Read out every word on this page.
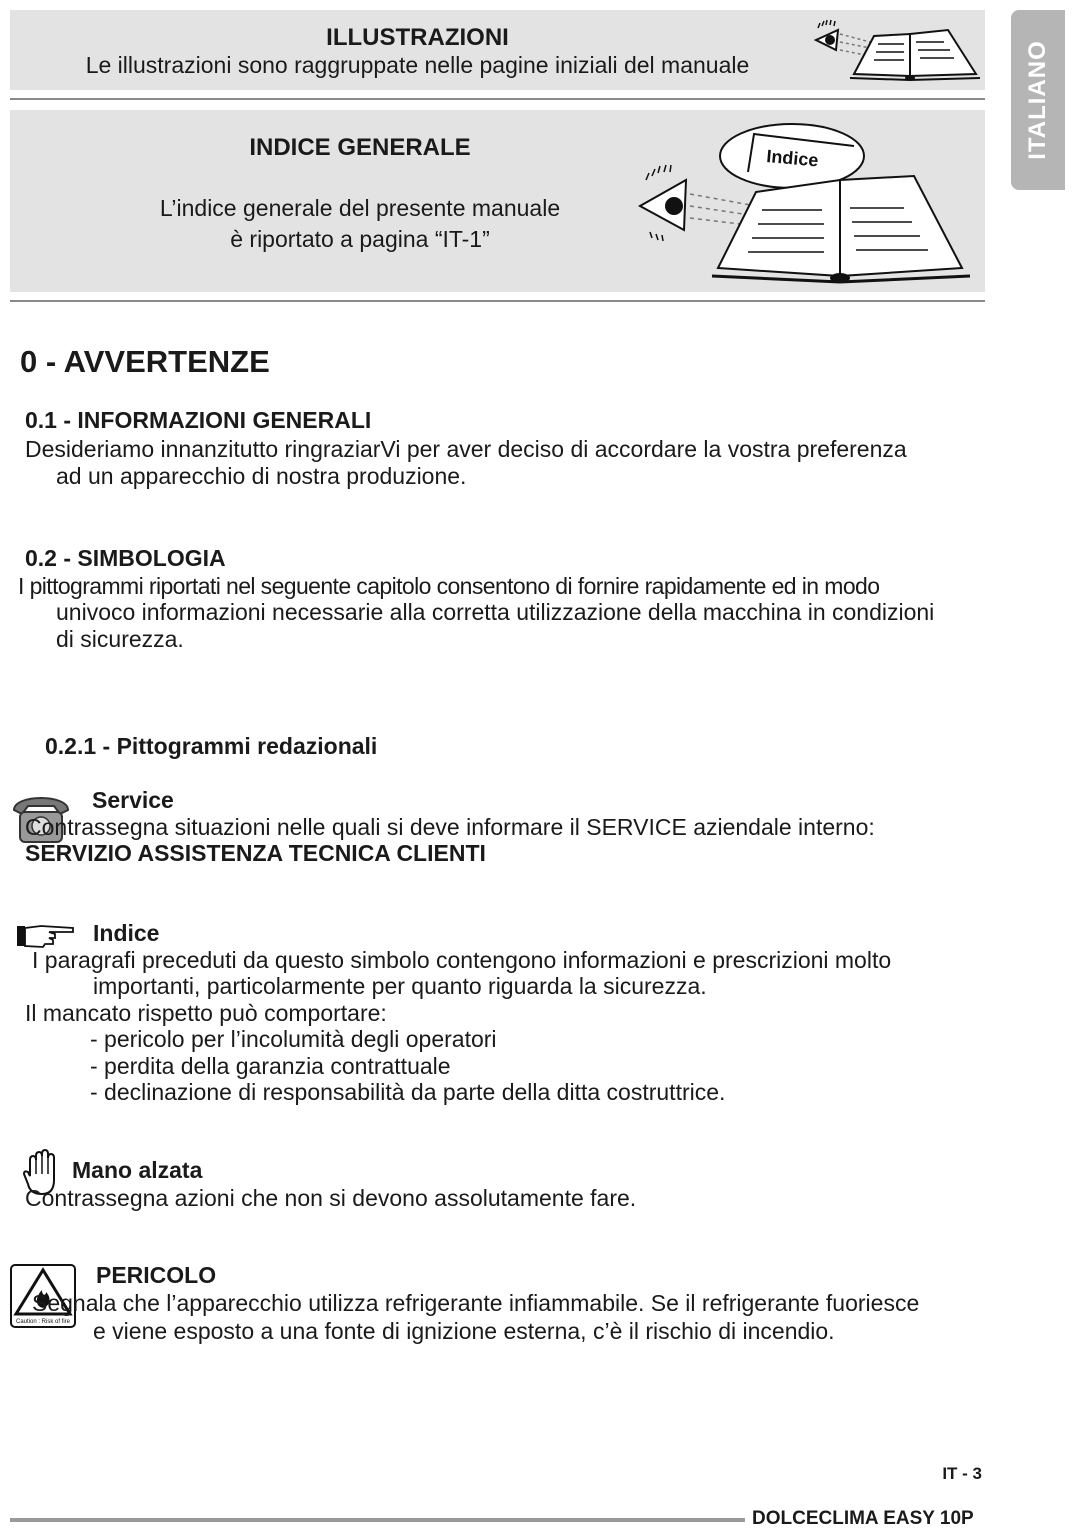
ITALIANO
ILLUSTRAZIONI
Le illustrazioni sono raggruppate nelle pagine iniziali del manuale
INDICE GENERALE
L’indice generale del presente manuale
è riportato a pagina “IT-1”
Indice
0 - AVVERTENZE
0.1 - INFORMAZIONI GENERALI
Desideriamo innanzitutto ringraziarVi per aver deciso di accordare la vostra preferenza
ad un apparecchio di nostra produzione.
0.2 - SIMBOLOGIA
I pittogrammi riportati nel seguente capitolo consentono di fornire rapidamente ed in modo
univoco informazioni necessarie alla corretta utilizzazione della macchina in condizioni
di sicurezza.
0.2.1 - Pittogrammi redazionali
Service
Contrassegna situazioni nelle quali si deve informare il SERVICE aziendale interno:
SERVIZIO ASSISTENZA TECNICA CLIENTI
Indice
I paragrafi preceduti da questo simbolo contengono informazioni e prescrizioni molto
importanti, particolarmente per quanto riguarda la sicurezza.
Il mancato rispetto può comportare:
- pericolo per l’incolumità degli operatori
- perdita della garanzia contrattuale
- declinazione di responsabilità da parte della ditta costruttrice.
Mano alzata
Contrassegna azioni che non si devono assolutamente fare.
Caution : Risk of fire
PERICOLO
Segnala che l’apparecchio utilizza refrigerante infiammabile. Se il refrigerante fuoriesce
e viene esposto a una fonte di ignizione esterna, c’è il rischio di incendio.
IT - 3
DOLCECLIMA EASY 10P
